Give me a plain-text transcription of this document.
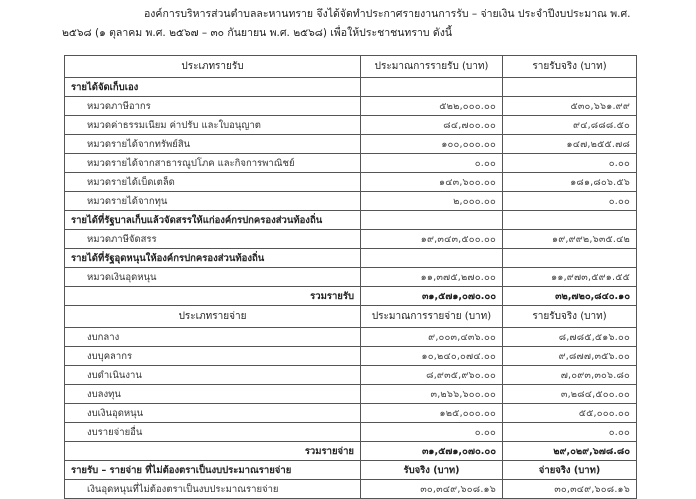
องค์การบริหารส่วนตำบลละหานทราย จึงได้จัดทำประกาศรายงานการรับ – จ่ายเงิน ประจำปีงบประมาณ พ.ศ.
๒๕๖๘ (๑ ตุลาคม พ.ศ. ๒๕๖๗ – ๓๐ กันยายน พ.ศ. ๒๕๖๘) เพื่อให้ประชาชนทราบ ดังนี้
ประเภทรายรับ	ประมาณการรายรับ (บาท)	รายรับจริง (บาท)
รายได้จัดเก็บเอง		
หมวดภาษีอากร	๕๒๒,๐๐๐.๐๐	๕๓๐,๖๖๑.๙๙
หมวดค่าธรรมเนียม ค่าปรับ และใบอนุญาต	๘๔,๗๐๐.๐๐	๙๔,๘๘๘.๕๐
หมวดรายได้จากทรัพย์สิน	๑๐๐,๐๐๐.๐๐	๑๔๗,๒๕๕.๗๘
หมวดรายได้จากสาธารณูปโภค และกิจการพาณิชย์	๐.๐๐	๐.๐๐
หมวดรายได้เบ็ดเตล็ด	๑๔๓,๖๐๐.๐๐	๑๘๑,๘๐๖.๕๖
หมวดรายได้จากทุน	๒,๐๐๐.๐๐	๐.๐๐
รายได้ที่รัฐบาลเก็บแล้วจัดสรรให้แก่องค์กรปกครองส่วนท้องถิ่น		
หมวดภาษีจัดสรร	๑๙,๓๔๓,๕๐๐.๐๐	๑๙,๙๙๒,๖๓๕.๔๒
รายได้ที่รัฐอุดหนุนให้องค์กรปกครองส่วนท้องถิ่น		
หมวดเงินอุดหนุน	๑๑,๓๗๕,๒๗๐.๐๐	๑๑,๙๗๓,๕๙๑.๕๕
รวมรายรับ	๓๑,๕๗๑,๐๗๐.๐๐	๓๒,๗๒๐,๘๔๐.๑๐
ประเภทรายจ่าย	ประมาณการรายจ่าย (บาท)	รายรับจริง (บาท)
งบกลาง	๙,๐๐๓,๔๓๖.๐๐	๘,๗๘๕,๕๑๖.๐๐
งบบุคลากร	๑๐,๒๔๐,๐๗๔.๐๐	๙,๘๗๗,๓๕๖.๐๐
งบดำเนินงาน	๘,๙๓๕,๙๖๐.๐๐	๗,๐๙๓,๓๐๖.๘๐
งบลงทุน	๓,๒๖๖,๖๐๐.๐๐	๓,๒๘๔,๕๐๐.๐๐
งบเงินอุดหนุน	๑๒๕,๐๐๐.๐๐	๕๕,๐๐๐.๐๐
งบรายจ่ายอื่น	๐.๐๐	๐.๐๐
รวมรายจ่าย	๓๑,๕๗๑,๐๗๐.๐๐	๒๙,๐๒๙,๖๗๘.๘๐
รายรับ – รายจ่าย ที่ไม่ต้องตราเป็นงบประมาณรายจ่าย	รับจริง (บาท)	จ่ายจริง (บาท)
เงินอุดหนุนที่ไม่ต้องตราเป็นงบประมาณรายจ่าย	๓๐,๓๔๙,๖๐๘.๑๖	๓๐,๓๔๙,๖๐๘.๑๖
